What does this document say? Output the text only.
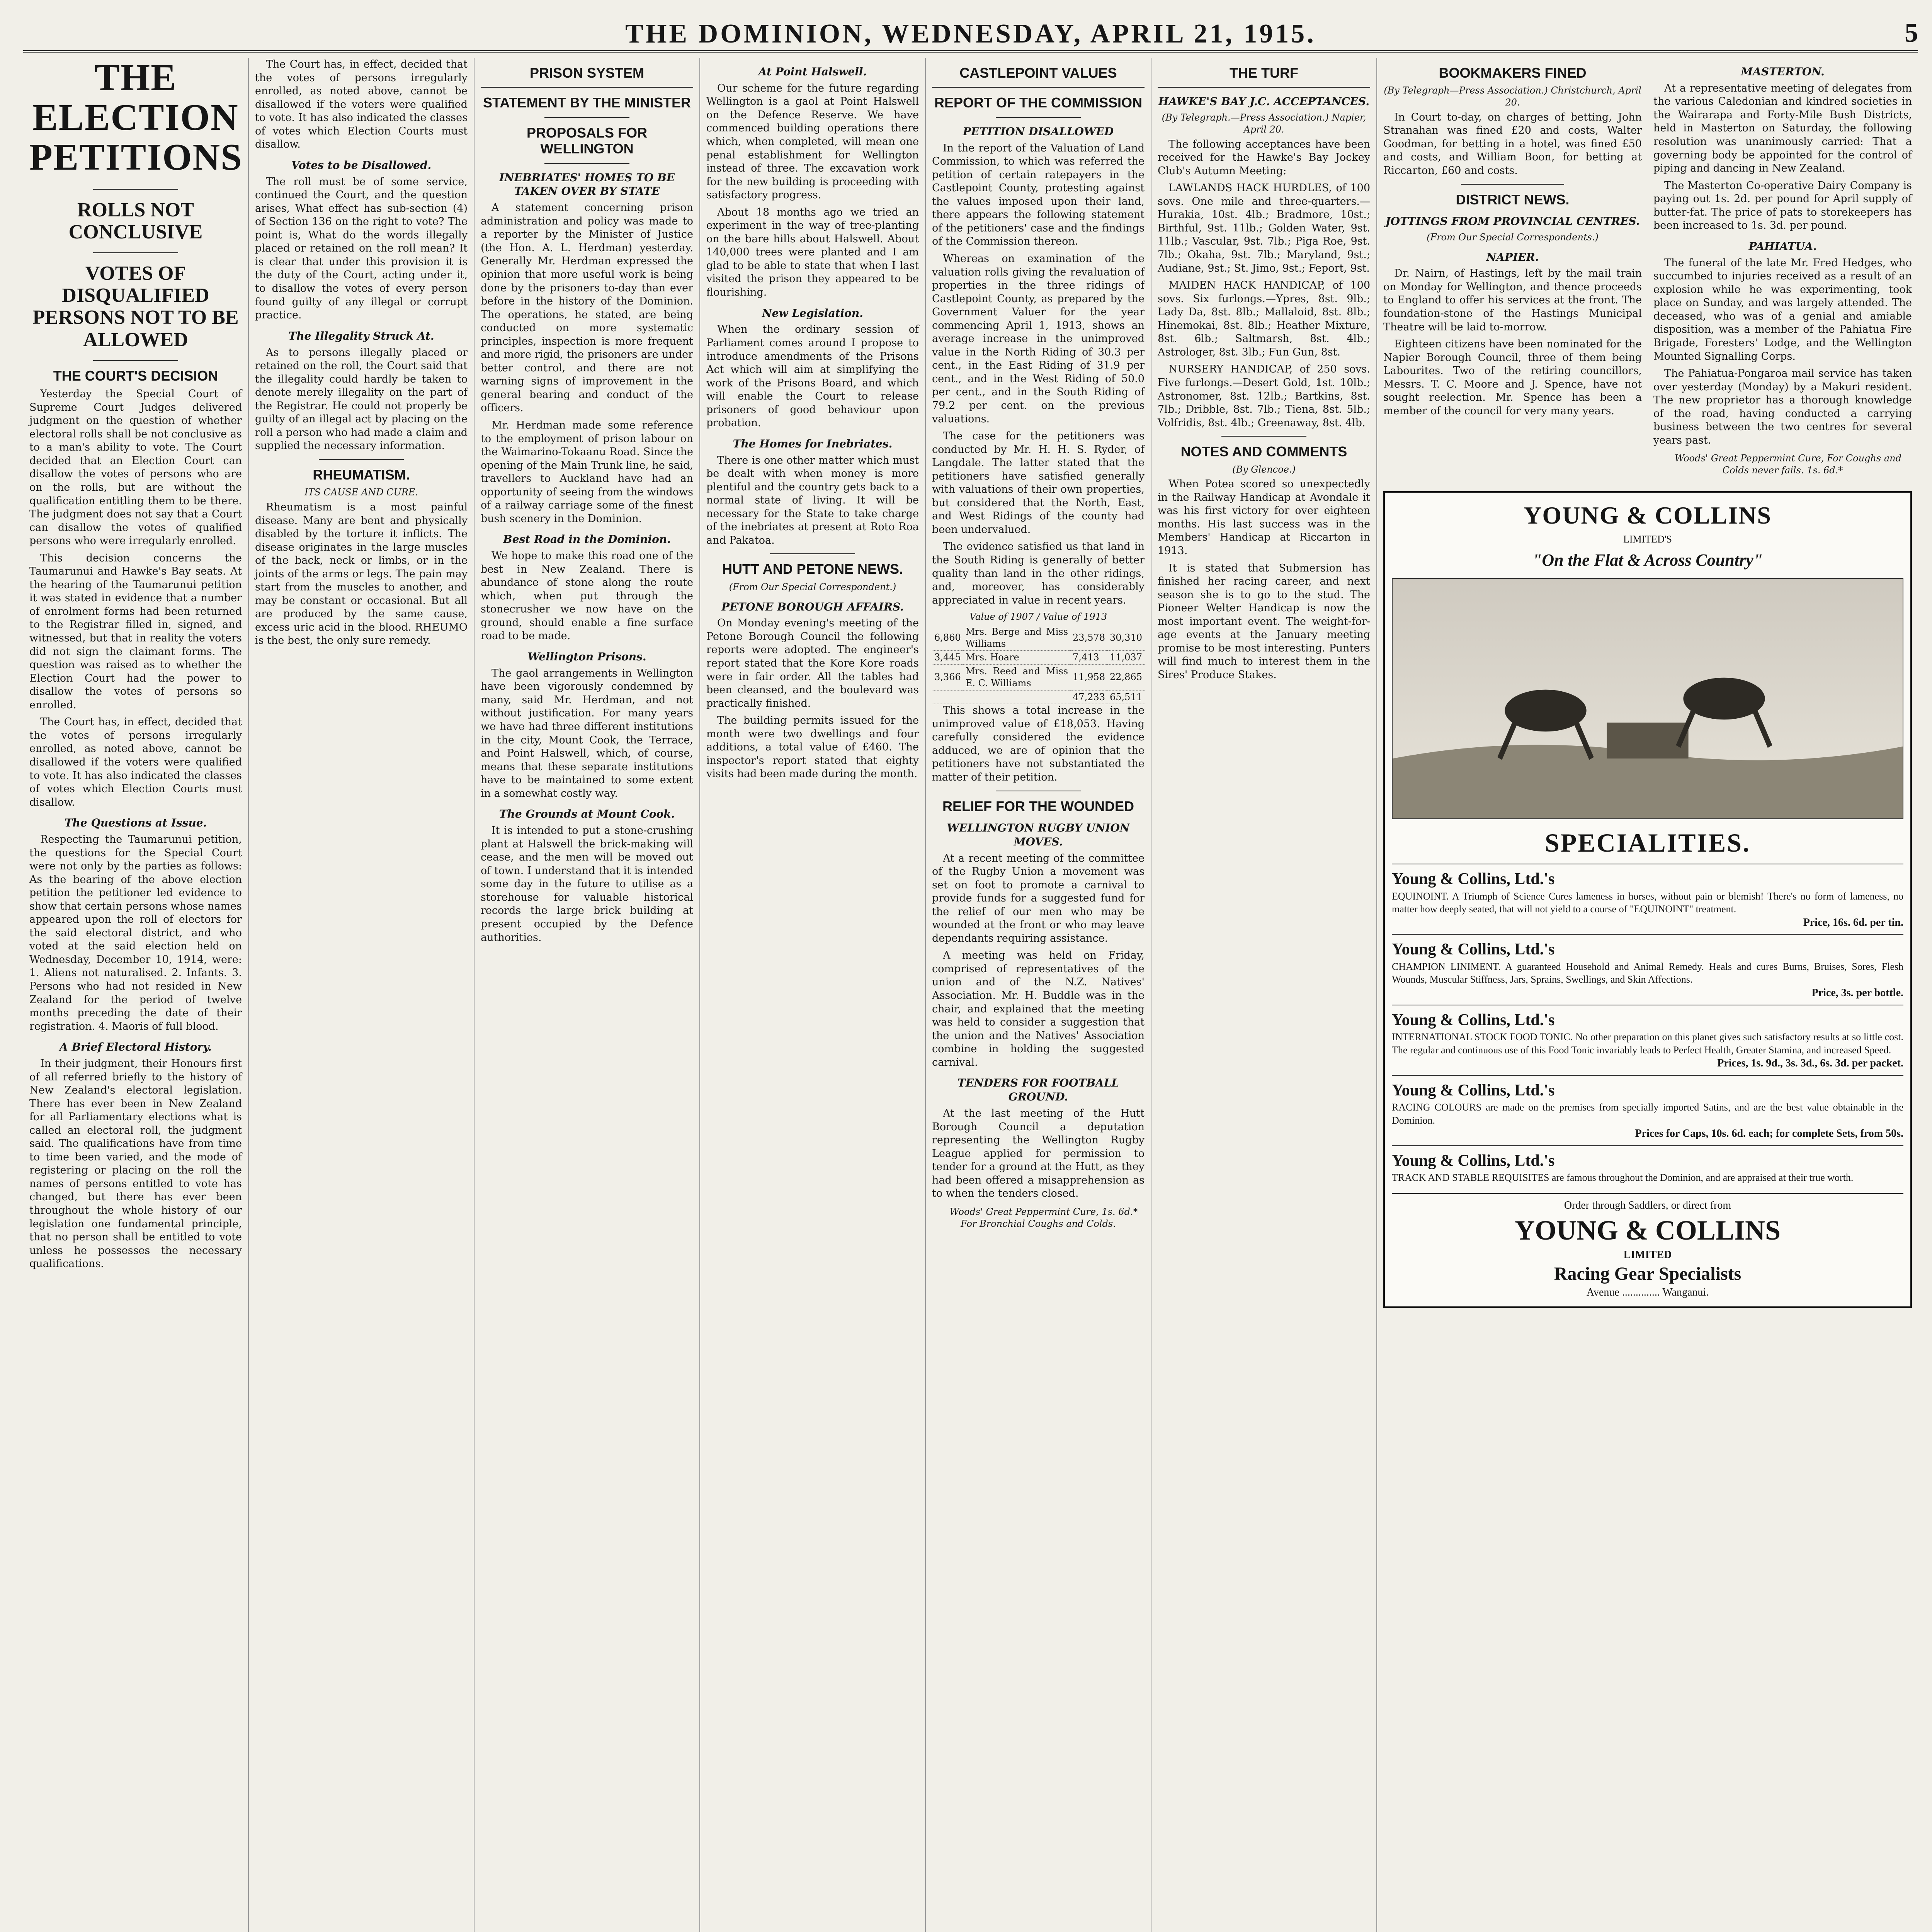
THE DOMINION, WEDNESDAY, APRIL 21, 1915.	5
THE ELECTION PETITIONS
ROLLS NOT CONCLUSIVE
VOTES OF DISQUALIFIED PERSONS NOT TO BE ALLOWED
THE COURT'S DECISION

Yesterday the Special Court of Supreme Court Judges delivered judgment on the question of whether electoral rolls shall be not conclusive as to a man's ability to vote. The Court decided that an Election Court can disallow the votes of persons who are on the rolls, but are without the qualification entitling them to be there. The judgment does not say that a Court can disallow the votes of qualified persons who were irregularly enrolled.

This decision concerns the Taumarunui and Hawke's Bay seats. At the hearing of the Taumarunui petition it was stated in evidence that a number of enrolment forms had been returned to the Registrar filled in, signed, and witnessed, but that in reality the voters did not sign the claimant forms. The question was raised as to whether the Election Court had the power to disallow the votes of persons so enrolled.

The Court has, in effect, decided that the votes of persons irregularly enrolled, as noted above, cannot be disallowed if the voters were qualified to vote. It has also indicated the classes of votes which Election Courts must disallow.

The Questions at Issue.

Respecting the Taumarunui petition, the questions for the Special Court were not only by the parties as follows: As the bearing of the above election petition the petitioner led evidence to show that certain persons whose names appeared upon the roll of electors for the said electoral district, and who voted at the said election held on Wednesday, December 10, 1914, were: 1. Aliens not naturalised. 2. Infants. 3. Persons who had not resided in New Zealand for the period of twelve months preceding the date of their registration. 4. Maoris of full blood.

A Brief Electoral History.

In their judgment, their Honours first of all referred briefly to the history of New Zealand's electoral legislation. There has ever been in New Zealand for all Parliamentary elections what is called an electoral roll, the judgment said. The qualifications have from time to time been varied, and the mode of registering or placing on the roll the names of persons entitled to vote has changed, but there has ever been throughout the whole history of our legislation one fundamental principle, that no person shall be entitled to vote unless he possesses the necessary qualifications.

The Court has, in effect, decided that the votes of persons irregularly enrolled, as noted above, cannot be disallowed if the voters were qualified to vote. It has also indicated the classes of votes which Election Courts must disallow.

Votes to be Disallowed.

The roll must be of some service, continued the Court, and the question arises, What effect has sub-section (4) of Section 136 on the right to vote? The point is, What do the words illegally placed or retained on the roll mean? It is clear that under this provision it is the duty of the Court, acting under it, to disallow the votes of every person found guilty of any illegal or corrupt practice.

The Illegality Struck At.

As to persons illegally placed or retained on the roll, the Court said that the illegality could hardly be taken to denote merely illegality on the part of the Registrar. He could not properly be guilty of an illegal act by placing on the roll a person who had made a claim and supplied the necessary information.

RHEUMATISM.

ITS CAUSE AND CURE.

Rheumatism is a most painful disease. Many are bent and physically disabled by the torture it inflicts. The disease originates in the large muscles of the back, neck or limbs, or in the joints of the arms or legs. The pain may start from the muscles to another, and may be constant or occasional. But all are produced by the same cause, excess uric acid in the blood. RHEUMO is the best, the only sure remedy.

PRISON SYSTEM
STATEMENT BY THE MINISTER
PROPOSALS FOR WELLINGTON
INEBRIATES' HOMES TO BE TAKEN OVER BY STATE

A statement concerning prison administration and policy was made to a reporter by the Minister of Justice (the Hon. A. L. Herdman) yesterday. Generally Mr. Herdman expressed the opinion that more useful work is being done by the prisoners to-day than ever before in the history of the Dominion. The operations, he stated, are being conducted on more systematic principles, inspection is more frequent and more rigid, the prisoners are under better control, and there are not warning signs of improvement in the general bearing and conduct of the officers.

Mr. Herdman made some reference to the employment of prison labour on the Waimarino-Tokaanu Road. Since the opening of the Main Trunk line, he said, travellers to Auckland have had an opportunity of seeing from the windows of a railway carriage some of the finest bush scenery in the Dominion.

Best Road in the Dominion.

We hope to make this road one of the best in New Zealand. There is abundance of stone along the route which, when put through the stonecrusher we now have on the ground, should enable a fine surface road to be made.

Wellington Prisons.

The gaol arrangements in Wellington have been vigorously condemned by many, said Mr. Herdman, and not without justification. For many years we have had three different institutions in the city, Mount Cook, the Terrace, and Point Halswell, which, of course, means that these separate institutions have to be maintained to some extent in a somewhat costly way.

The Grounds at Mount Cook.

It is intended to put a stone-crushing plant at Halswell the brick-making will cease, and the men will be moved out of town. I understand that it is intended some day in the future to utilise as a storehouse for valuable historical records the large brick building at present occupied by the Defence authorities.

At Point Halswell.

Our scheme for the future regarding Wellington is a gaol at Point Halswell on the Defence Reserve. We have commenced building operations there which, when completed, will mean one penal establishment for Wellington instead of three. The excavation work for the new building is proceeding with satisfactory progress.

About 18 months ago we tried an experiment in the way of tree-planting on the bare hills about Halswell. About 140,000 trees were planted and I am glad to be able to state that when I last visited the prison they appeared to be flourishing.

New Legislation.

When the ordinary session of Parliament comes around I propose to introduce amendments of the Prisons Act which will aim at simplifying the work of the Prisons Board, and which will enable the Court to release prisoners of good behaviour upon probation.

The Homes for Inebriates.

There is one other matter which must be dealt with when money is more plentiful and the country gets back to a normal state of living. It will be necessary for the State to take charge of the inebriates at present at Roto Roa and Pakatoa.

HUTT AND PETONE NEWS.

(From Our Special Correspondent.)

PETONE BOROUGH AFFAIRS.

On Monday evening's meeting of the Petone Borough Council the following reports were adopted. The engineer's report stated that the Kore Kore roads were in fair order. All the tables had been cleansed, and the boulevard was practically finished.

The building permits issued for the month were two dwellings and four additions, a total value of £460. The inspector's report stated that eighty visits had been made during the month.

CASTLEPOINT VALUES
REPORT OF THE COMMISSION
PETITION DISALLOWED

In the report of the Valuation of Land Commission, to which was referred the petition of certain ratepayers in the Castlepoint County, protesting against the values imposed upon their land, there appears the following statement of the petitioners' case and the findings of the Commission thereon.

Whereas on examination of the valuation rolls giving the revaluation of properties in the three ridings of Castlepoint County, as prepared by the Government Valuer for the year commencing April 1, 1913, shows an average increase in the unimproved value in the North Riding of 30.3 per cent., in the East Riding of 31.9 per cent., and in the West Riding of 50.0 per cent., and in the South Riding of 79.2 per cent. on the previous valuations.

The case for the petitioners was conducted by Mr. H. H. S. Ryder, of Langdale. The latter stated that the petitioners have satisfied generally with valuations of their own properties, but considered that the North, East, and West Ridings of the county had been undervalued.

The evidence satisfied us that land in the South Riding is generally of better quality than land in the other ridings, and, moreover, has considerably appreciated in value in recent years.

Value of 1907 / Value of 1913

6,860	Mrs. Berge and Miss Williams	23,578	30,310
3,445	Mrs. Hoare	7,413	11,037
3,366	Mrs. Reed and Miss E. C. Williams	11,958	22,865
		47,233	65,511

This shows a total increase in the unimproved value of £18,053. Having carefully considered the evidence adduced, we are of opinion that the petitioners have not substantiated the matter of their petition.

RELIEF FOR THE WOUNDED
WELLINGTON RUGBY UNION MOVES.

At a recent meeting of the committee of the Rugby Union a movement was set on foot to promote a carnival to provide funds for a suggested fund for the relief of our men who may be wounded at the front or who may leave dependants requiring assistance.

A meeting was held on Friday, comprised of representatives of the union and of the N.Z. Natives' Association. Mr. H. Buddle was in the chair, and explained that the meeting was held to consider a suggestion that the union and the Natives' Association combine in holding the suggested carnival.

TENDERS FOR FOOTBALL GROUND.

At the last meeting of the Hutt Borough Council a deputation representing the Wellington Rugby League applied for permission to tender for a ground at the Hutt, as they had been offered a misapprehension as to when the tenders closed.

Woods' Great Peppermint Cure, 1s. 6d.* For Bronchial Coughs and Colds.

THE TURF
HAWKE'S BAY J.C. ACCEPTANCES.

(By Telegraph.—Press Association.) Napier, April 20.

The following acceptances have been received for the Hawke's Bay Jockey Club's Autumn Meeting:

LAWLANDS HACK HURDLES, of 100 sovs. One mile and three-quarters.—Hurakia, 10st. 4lb.; Bradmore, 10st.; Birthful, 9st. 11lb.; Golden Water, 9st. 11lb.; Vascular, 9st. 7lb.; Piga Roe, 9st. 7lb.; Okaha, 9st. 7lb.; Maryland, 9st.; Audiane, 9st.; St. Jimo, 9st.; Feport, 9st.

MAIDEN HACK HANDICAP, of 100 sovs. Six furlongs.—Ypres, 8st. 9lb.; Lady Da, 8st. 8lb.; Mallaloid, 8st. 8lb.; Hinemokai, 8st. 8lb.; Heather Mixture, 8st. 6lb.; Saltmarsh, 8st. 4lb.; Astrologer, 8st. 3lb.; Fun Gun, 8st.

NURSERY HANDICAP, of 250 sovs. Five furlongs.—Desert Gold, 1st. 10lb.; Astronomer, 8st. 12lb.; Bartkins, 8st. 7lb.; Dribble, 8st. 7lb.; Tiena, 8st. 5lb.; Volfridis, 8st. 4lb.; Greenaway, 8st. 4lb.

NOTES AND COMMENTS

(By Glencoe.)

When Potea scored so unexpectedly in the Railway Handicap at Avondale it was his first victory for over eighteen months. His last success was in the Members' Handicap at Riccarton in 1913.

It is stated that Submersion has finished her racing career, and next season she is to go to the stud. The Pioneer Welter Handicap is now the most important event. The weight-for-age events at the January meeting promise to be most interesting. Punters will find much to interest them in the Sires' Produce Stakes.

BOOKMAKERS FINED

(By Telegraph—Press Association.) Christchurch, April 20.

In Court to-day, on charges of betting, John Stranahan was fined £20 and costs, Walter Goodman, for betting in a hotel, was fined £50 and costs, and William Boon, for betting at Riccarton, £60 and costs.

DISTRICT NEWS.
JOTTINGS FROM PROVINCIAL CENTRES.

(From Our Special Correspondents.)

NAPIER.

Dr. Nairn, of Hastings, left by the mail train on Monday for Wellington, and thence proceeds to England to offer his services at the front. The foundation-stone of the Hastings Municipal Theatre will be laid to-morrow.

Eighteen citizens have been nominated for the Napier Borough Council, three of them being Labourites. Two of the retiring councillors, Messrs. T. C. Moore and J. Spence, have not sought reelection. Mr. Spence has been a member of the council for very many years.

MASTERTON.

At a representative meeting of delegates from the various Caledonian and kindred societies in the Wairarapa and Forty-Mile Bush Districts, held in Masterton on Saturday, the following resolution was unanimously carried: That a governing body be appointed for the control of piping and dancing in New Zealand.

The Masterton Co-operative Dairy Company is paying out 1s. 2d. per pound for April supply of butter-fat. The price of pats to storekeepers has been increased to 1s. 3d. per pound.

PAHIATUA.

The funeral of the late Mr. Fred Hedges, who succumbed to injuries received as a result of an explosion while he was experimenting, took place on Sunday, and was largely attended. The deceased, who was of a genial and amiable disposition, was a member of the Pahiatua Fire Brigade, Foresters' Lodge, and the Wellington Mounted Signalling Corps.

The Pahiatua-Pongaroa mail service has taken over yesterday (Monday) by a Makuri resident. The new proprietor has a thorough knowledge of the road, having conducted a carrying business between the two centres for several years past.

Woods' Great Peppermint Cure, For Coughs and Colds never fails. 1s. 6d.*

YOUNG & COLLINS
LIMITED'S
"On the Flat & Across Country"
SPECIALITIES.
Young & Collins, Ltd.'s
EQUINOINT. A Triumph of Science Cures lameness in horses, without pain or blemish! There's no form of lameness, no matter how deeply seated, that will not yield to a course of "EQUINOINT" treatment.
Price, 16s. 6d. per tin.
Young & Collins, Ltd.'s
CHAMPION LINIMENT. A guaranteed Household and Animal Remedy. Heals and cures Burns, Bruises, Sores, Flesh Wounds, Muscular Stiffness, Jars, Sprains, Swellings, and Skin Affections.
Price, 3s. per bottle.
Young & Collins, Ltd.'s
INTERNATIONAL STOCK FOOD TONIC. No other preparation on this planet gives such satisfactory results at so little cost. The regular and continuous use of this Food Tonic invariably leads to Perfect Health, Greater Stamina, and increased Speed.
Prices, 1s. 9d., 3s. 3d., 6s. 3d. per packet.
Young & Collins, Ltd.'s
RACING COLOURS are made on the premises from specially imported Satins, and are the best value obtainable in the Dominion.
Prices for Caps, 10s. 6d. each; for complete Sets, from 50s.
Young & Collins, Ltd.'s
TRACK AND STABLE REQUISITES are famous throughout the Dominion, and are appraised at their true worth.
Order through Saddlers, or direct from
YOUNG & COLLINS
LIMITED
Racing Gear Specialists
Avenue .............. Wanganui.
